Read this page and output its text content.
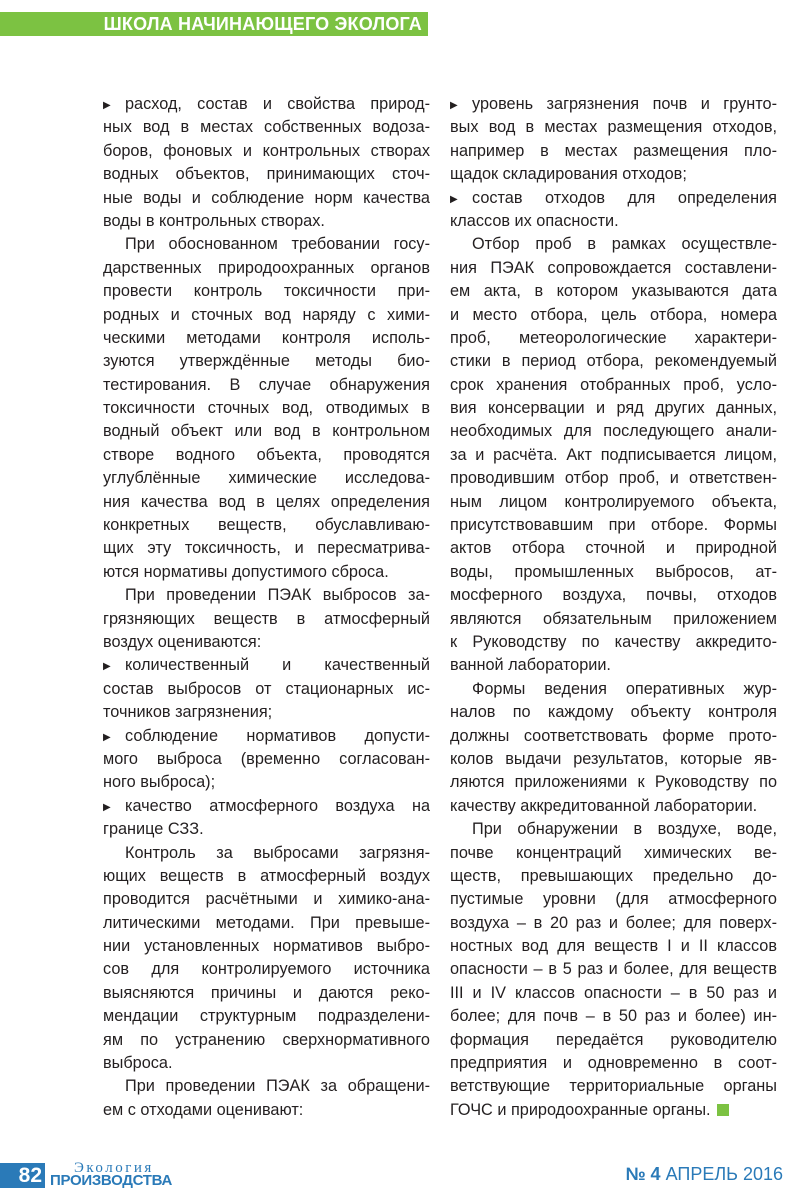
ШКОЛА НАЧИНАЮЩЕГО ЭКОЛОГА
▶ расход, состав и свойства природ-
ных вод в местах собственных водоза-
боров, фоновых и контрольных створах
водных объектов, принимающих сточ-
ные воды и соблюдение норм качества
воды в контрольных створах.
При обоснованном требовании госу-
дарственных природоохранных органов
провести контроль токсичности при-
родных и сточных вод наряду с хими-
ческими методами контроля исполь-
зуются утверждённые методы био-
тестирования. В случае обнаружения
токсичности сточных вод, отводимых в
водный объект или вод в контрольном
створе водного объекта, проводятся
углублённые химические исследова-
ния качества вод в целях определения
конкретных веществ, обуславливаю-
щих эту токсичность, и пересматрива-
ются нормативы допустимого сброса.
При проведении ПЭАК выбросов за-
грязняющих веществ в атмосферный
воздух оцениваются:
▶ количественный и качественный
состав выбросов от стационарных ис-
точников загрязнения;
▶ соблюдение нормативов допусти-
мого выброса (временно согласован-
ного выброса);
▶ качество атмосферного воздуха на
границе СЗЗ.
Контроль за выбросами загрязня-
ющих веществ в атмосферный воздух
проводится расчётными и химико-ана-
литическими методами. При превыше-
нии установленных нормативов выбро-
сов для контролируемого источника
выясняются причины и даются реко-
мендации структурным подразделени-
ям по устранению сверхнормативного
выброса.
При проведении ПЭАК за обращени-
ем с отходами оценивают:
▶ уровень загрязнения почв и грунто-
вых вод в местах размещения отходов,
например в местах размещения пло-
щадок складирования отходов;
▶ состав отходов для определения
классов их опасности.
Отбор проб в рамках осуществле-
ния ПЭАК сопровождается составлени-
ем акта, в котором указываются дата
и место отбора, цель отбора, номера
проб, метеорологические характери-
стики в период отбора, рекомендуемый
срок хранения отобранных проб, усло-
вия консервации и ряд других данных,
необходимых для последующего анали-
за и расчёта. Акт подписывается лицом,
проводившим отбор проб, и ответствен-
ным лицом контролируемого объекта,
присутствовавшим при отборе. Формы
актов отбора сточной и природной
воды, промышленных выбросов, ат-
мосферного воздуха, почвы, отходов
являются обязательным приложением
к Руководству по качеству аккредито-
ванной лаборатории.
Формы ведения оперативных жур-
налов по каждому объекту контроля
должны соответствовать форме прото-
колов выдачи результатов, которые яв-
ляются приложениями к Руководству по
качеству аккредитованной лаборатории.
При обнаружении в воздухе, воде,
почве концентраций химических ве-
ществ, превышающих предельно до-
пустимые уровни (для атмосферного
воздуха – в 20 раз и более; для поверх-
ностных вод для веществ I и II классов
опасности – в 5 раз и более, для веществ
III и IV классов опасности – в 50 раз и
более; для почв – в 50 раз и более) ин-
формация передаётся руководителю
предприятия и одновременно в соот-
ветствующие территориальные органы
ГОЧС и природоохранные органы.
82 Экология
ПРОИЗВОДСТВА	№ 4 АПРЕЛЬ 2016
